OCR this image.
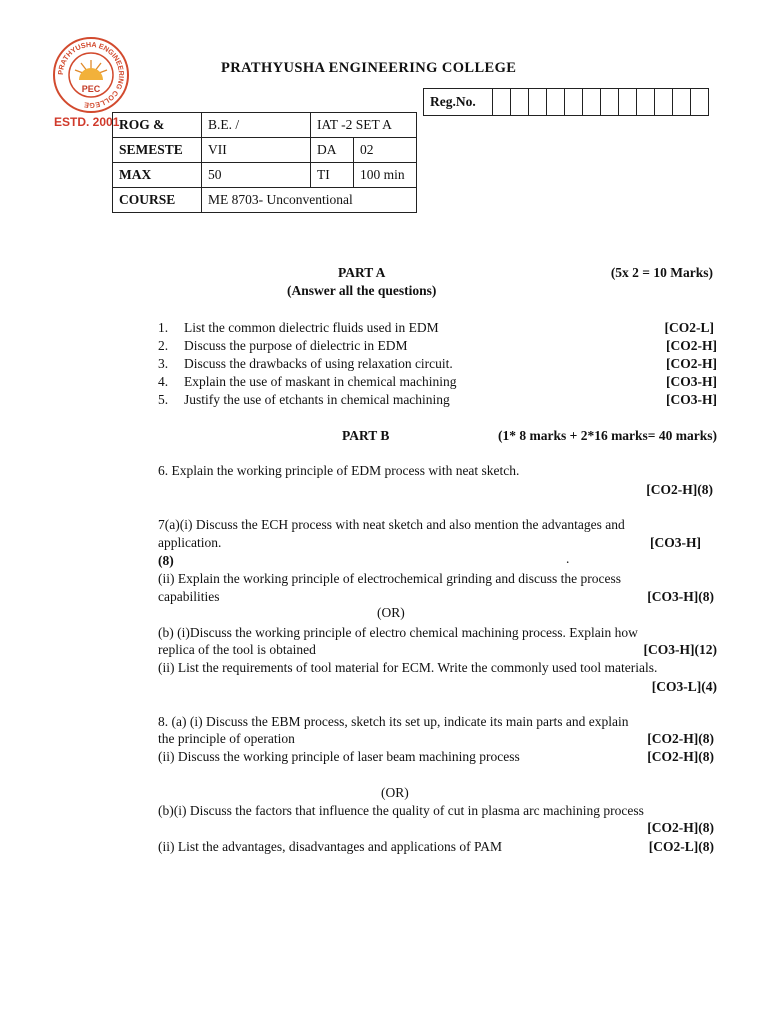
PRATHYUSHA ENGINEERING COLLEGE
PEC
ESTD. 2001
PRATHYUSHA ENGINEERING COLLEGE
Reg.No.												
ROG &	B.E. /	IAT -2 SET A	
SEMESTE	VII	DA	02
MAX	50	TI	100 min
COURSE	ME 8703- Unconventional		
PART A	(5x 2 = 10 Marks)
(Answer all the questions)
1. List the common dielectric fluids used in EDM	[CO2-L]
2. Discuss the purpose of dielectric in EDM	[CO2-H]
3. Discuss the drawbacks of using relaxation circuit.	[CO2-H]
4. Explain the use of maskant in chemical machining	[CO3-H]
5. Justify the use of etchants in chemical machining	[CO3-H]
PART B	(1* 8 marks + 2*16 marks= 40 marks)
6. Explain the working principle of EDM process with neat sketch.
[CO2-H](8)
7(a)(i) Discuss the ECH process with neat sketch and also mention the advantages and
application.	[CO3-H]
(8)	.
(ii) Explain the working principle of electrochemical grinding and discuss the process
capabilities	[CO3-H](8)
(OR)
(b) (i)Discuss the working principle of electro chemical machining process. Explain how
replica of the tool is obtained	[CO3-H](12)
(ii) List the requirements of tool material for ECM. Write the commonly used tool materials.
[CO3-L](4)
8. (a) (i) Discuss the EBM process, sketch its set up, indicate its main parts and explain
the principle of operation	[CO2-H](8)
(ii) Discuss the working principle of laser beam machining process	[CO2-H](8)
(OR)
(b)(i) Discuss the factors that influence the quality of cut in plasma arc machining process
[CO2-H](8)
(ii) List the advantages, disadvantages and applications of PAM	[CO2-L](8)
